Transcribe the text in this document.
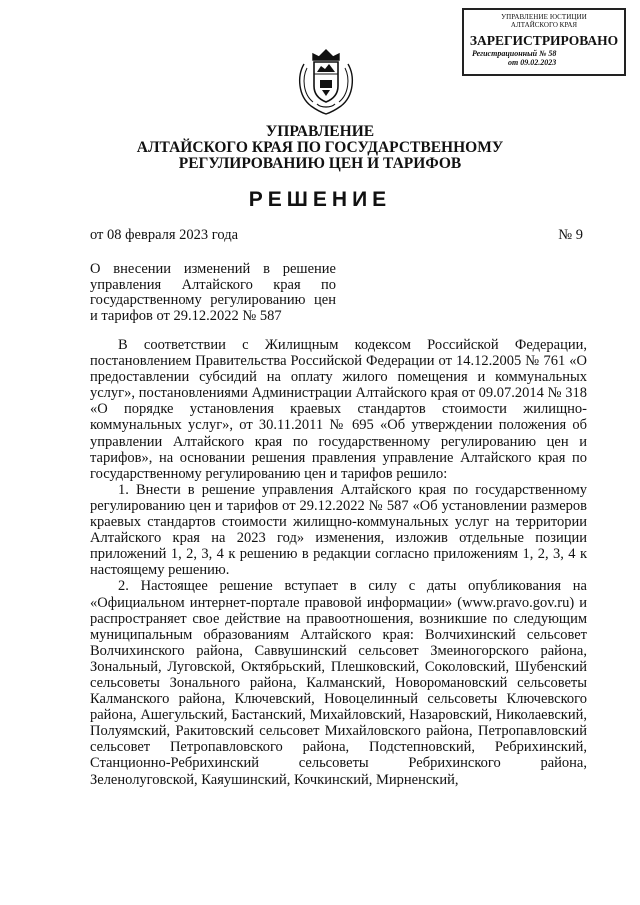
УПРАВЛЕНИЕ ЮСТИЦИИ
АЛТАЙСКОГО КРАЯ
ЗАРЕГИСТРИРОВАНО
Регистрационный № 58
от 09.02.2023
УПРАВЛЕНИЕ
АЛТАЙСКОГО КРАЯ ПО ГОСУДАРСТВЕННОМУ
РЕГУЛИРОВАНИЮ ЦЕН И ТАРИФОВ
РЕШЕНИЕ
от 08 февраля 2023 года	№ 9
О внесении изменений в решение управления Алтайского края по государственному регулированию цен и тарифов от 29.12.2022 № 587

В соответствии с Жилищным кодексом Российской Федерации, постановлением Правительства Российской Федерации от 14.12.2005 № 761 «О предоставлении субсидий на оплату жилого помещения и коммунальных услуг», постановлениями Администрации Алтайского края от 09.07.2014 № 318 «О порядке установления краевых стандартов стоимости жилищно-коммунальных услуг», от 30.11.2011 № 695 «Об утверждении положения об управлении Алтайского края по государственному регулированию цен и тарифов», на основании решения правления управление Алтайского края по государственному регулированию цен и тарифов решило:

1. Внести в решение управления Алтайского края по государственному регулированию цен и тарифов от 29.12.2022 № 587 «Об установлении размеров краевых стандартов стоимости жилищно-коммунальных услуг на территории Алтайского края на 2023 год» изменения, изложив отдельные позиции приложений 1, 2, 3, 4 к решению в редакции согласно приложениям 1, 2, 3, 4 к настоящему решению.

2. Настоящее решение вступает в силу с даты опубликования на «Официальном интернет-портале правовой информации» (www.pravo.gov.ru) и распространяет свое действие на правоотношения, возникшие по следующим муниципальным образованиям Алтайского края: Волчихинский сельсовет Волчихинского района, Саввушинский сельсовет Змеиногорского района, Зональный, Луговской, Октябрьский, Плешковский, Соколовский, Шубенский сельсоветы Зонального района, Калманский, Новоромановский сельсоветы Калманского района, Ключевский, Новоцелинный сельсоветы Ключевского района, Ашегульский, Бастанский, Михайловский, Назаровский, Николаевский, Полуямский, Ракитовский сельсовет Михайловского района, Петропавловский сельсовет Петропавловского района, Подстепновский, Ребрихинский, Станционно-Ребрихинский сельсоветы Ребрихинского района, Зеленолуговской, Каяушинский, Кочкинский, Мирненский,
